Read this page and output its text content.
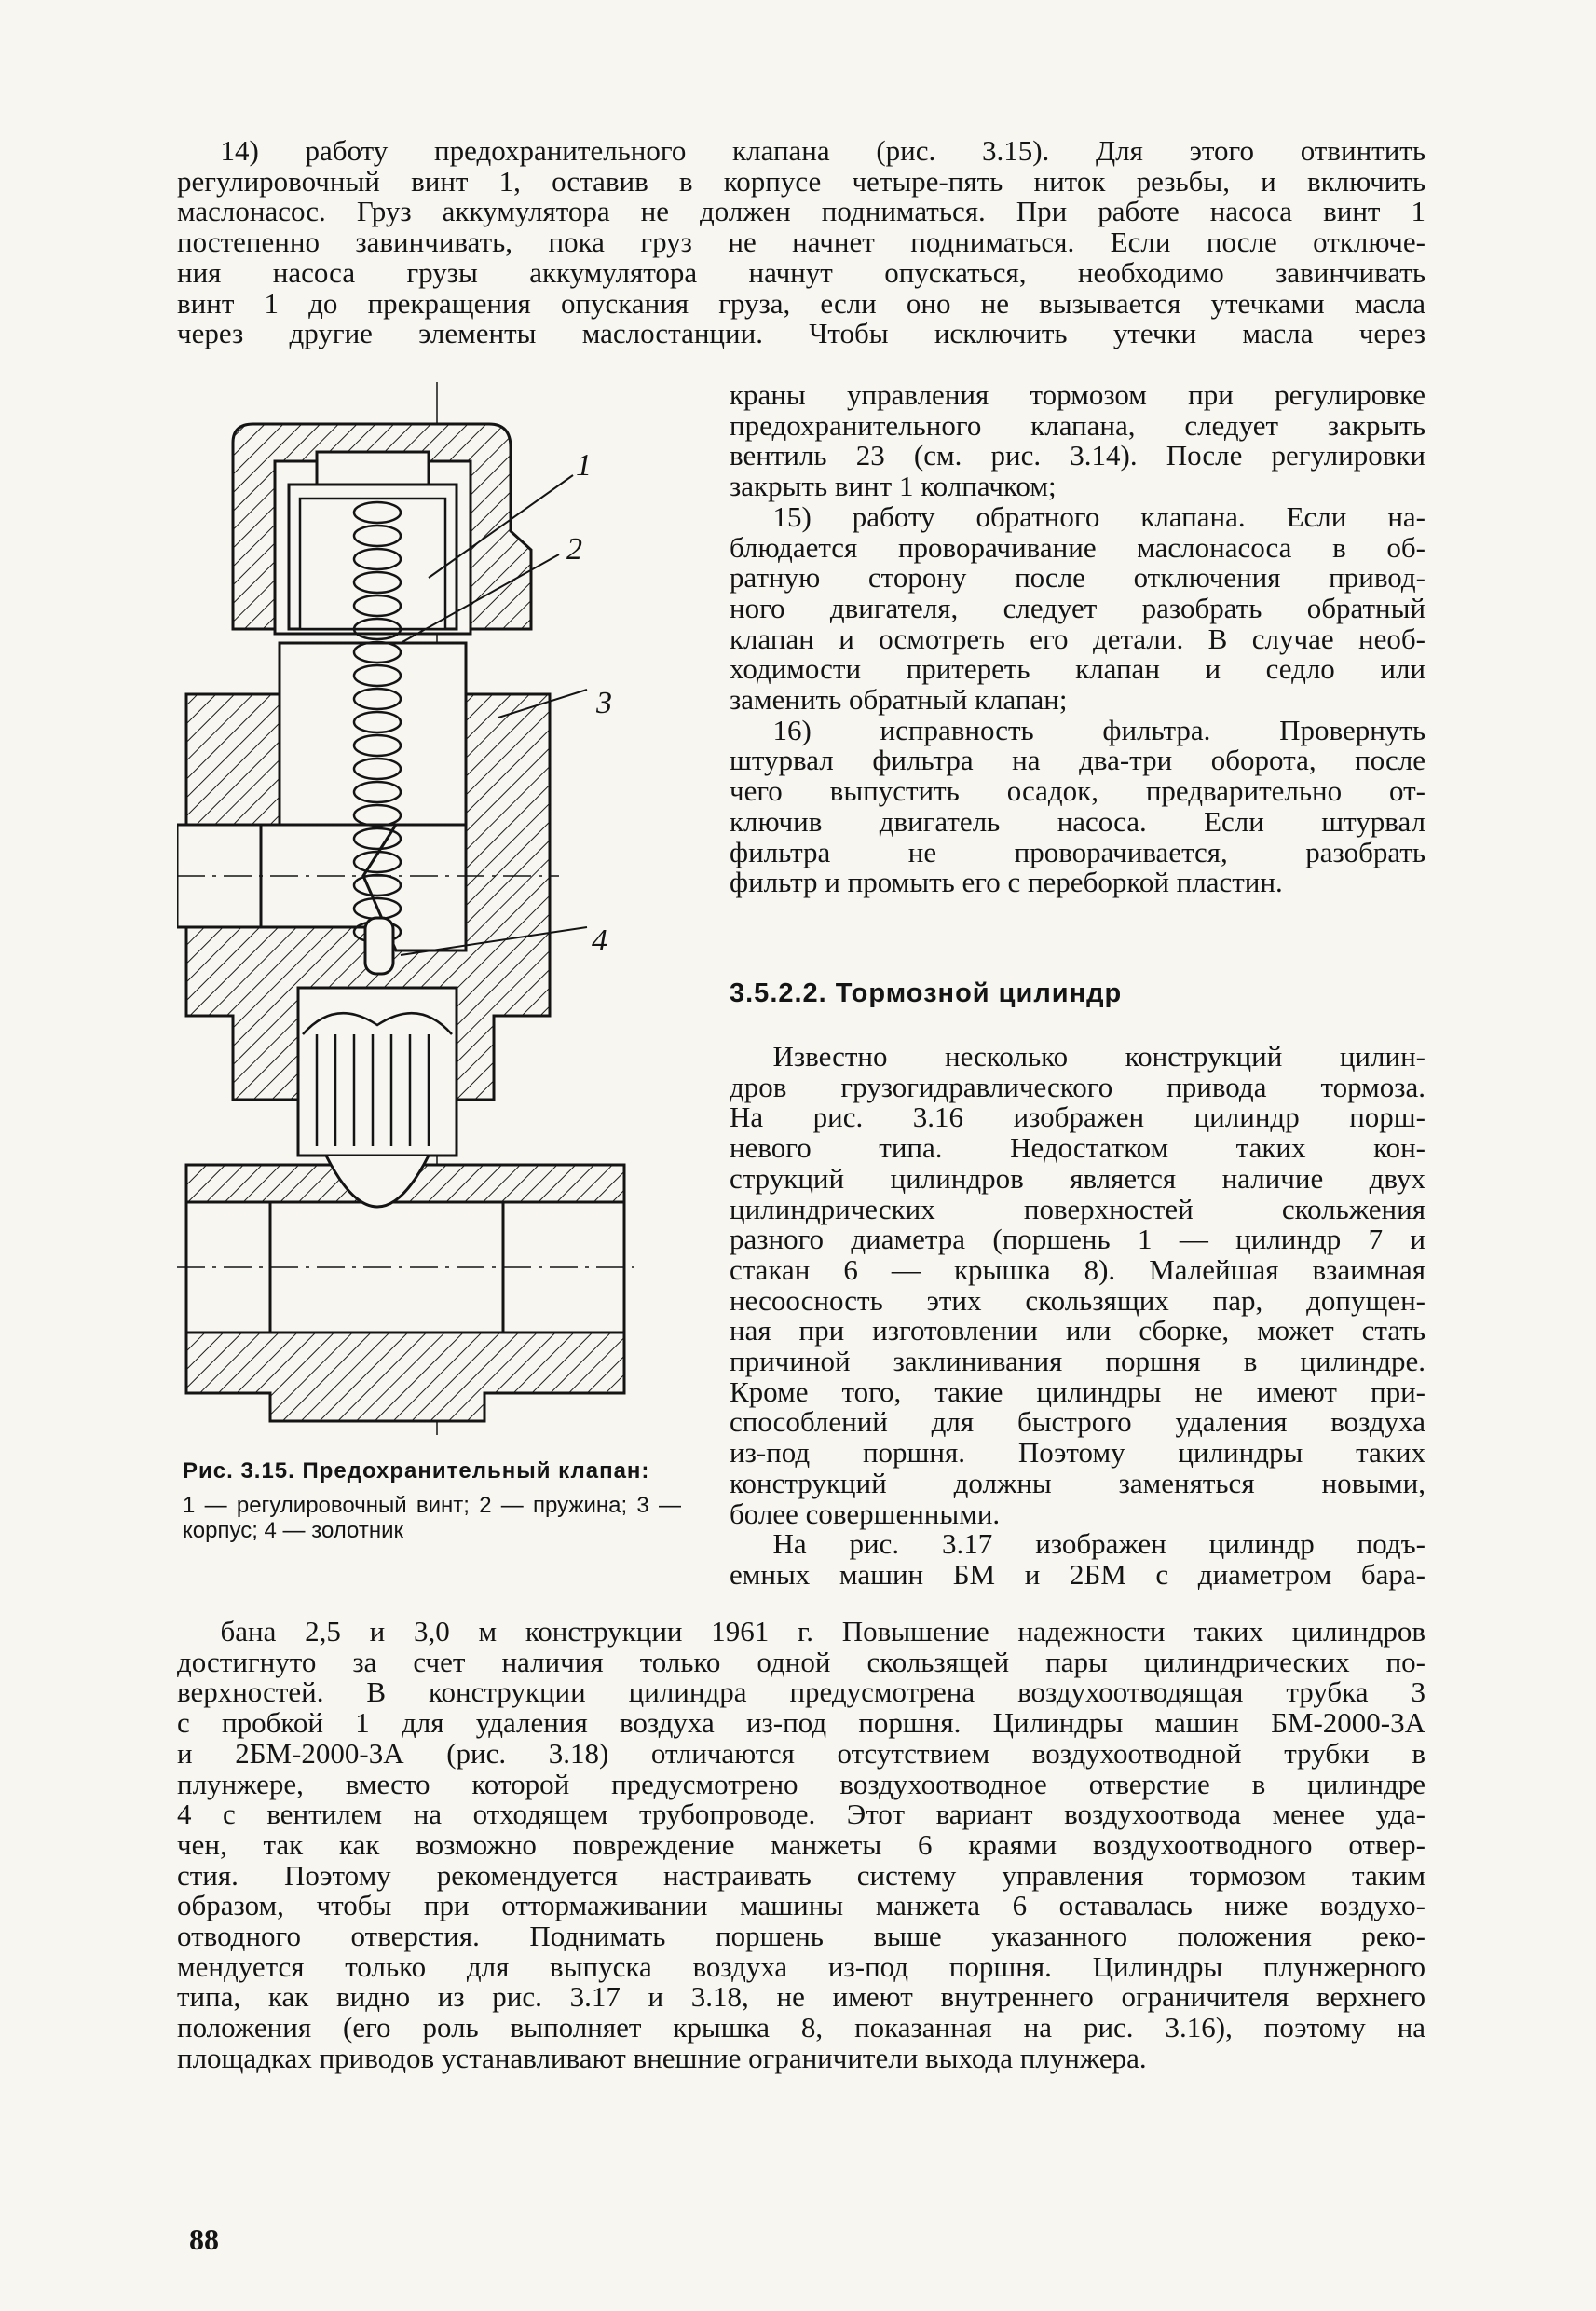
14) работу предохранительного клапана (рис. 3.15). Для этого отвинтить
регулировочный винт 1, оставив в корпусе четыре-пять ниток резьбы, и включить
маслонасос. Груз аккумулятора не должен подниматься. При работе насоса винт 1
постепенно завинчивать, пока груз не начнет подниматься. Если после отключе-
ния насоса грузы аккумулятора начнут опускаться, необходимо завинчивать
винт 1 до прекращения опускания груза, если оно не вызывается утечками масла
через другие элементы маслостанции. Чтобы исключить утечки масла через

1
2
3
4

краны управления тормозом при регулировке
предохранительного клапана, следует закрыть
вентиль 23 (см. рис. 3.14). После регулировки
закрыть винт 1 колпачком;
15) работу обратного клапана. Если на-
блюдается проворачивание маслонасоса в об-
ратную сторону после отключения привод-
ного двигателя, следует разобрать обратный
клапан и осмотреть его детали. В случае необ-
ходимости притереть клапан и седло или
заменить обратный клапан;
16) исправность фильтра. Провернуть
штурвал фильтра на два-три оборота, после
чего выпустить осадок, предварительно от-
ключив двигатель насоса. Если штурвал
фильтра не проворачивается, разобрать
фильтр и промыть его с переборкой пластин.

3.5.2.2. Тормозной цилиндр

Известно несколько конструкций цилин-
дров грузогидравлического привода тормоза.
На рис. 3.16 изображен цилиндр порш-
невого типа. Недостатком таких кон-
струкций цилиндров является наличие двух
цилиндрических поверхностей скольжения
разного диаметра (поршень 1 — цилиндр 7 и
стакан 6 — крышка 8). Малейшая взаимная
несоосность этих скользящих пар, допущен-
ная при изготовлении или сборке, может стать
причиной заклинивания поршня в цилиндре.
Кроме того, такие цилиндры не имеют при-
способлений для быстрого удаления воздуха
из-под поршня. Поэтому цилиндры таких
конструкций должны заменяться новыми,
более совершенными.
На рис. 3.17 изображен цилиндр подъ-
емных машин БМ и 2БМ с диаметром бара-

Рис. 3.15. Предохранительный клапан:
1 — регулировочный винт; 2 — пружина; 3 — корпус; 4 — золотник

бана 2,5 и 3,0 м конструкции 1961 г. Повышение надежности таких цилиндров
достигнуто за счет наличия только одной скользящей пары цилиндрических по-
верхностей. В конструкции цилиндра предусмотрена воздухоотводящая трубка 3
с пробкой 1 для удаления воздуха из-под поршня. Цилиндры машин БМ-2000-3А
и 2БМ-2000-3А (рис. 3.18) отличаются отсутствием воздухоотводной трубки в
плунжере, вместо которой предусмотрено воздухоотводное отверстие в цилиндре
4 с вентилем на отходящем трубопроводе. Этот вариант воздухоотвода менее уда-
чен, так как возможно повреждение манжеты 6 краями воздухоотводного отвер-
стия. Поэтому рекомендуется настраивать систему управления тормозом таким
образом, чтобы при оттормаживании машины манжета 6 оставалась ниже воздухо-
отводного отверстия. Поднимать поршень выше указанного положения реко-
мендуется только для выпуска воздуха из-под поршня. Цилиндры плунжерного
типа, как видно из рис. 3.17 и 3.18, не имеют внутреннего ограничителя верхнего
положения (его роль выполняет крышка 8, показанная на рис. 3.16), поэтому на
площадках приводов устанавливают внешние ограничители выхода плунжера.

88
